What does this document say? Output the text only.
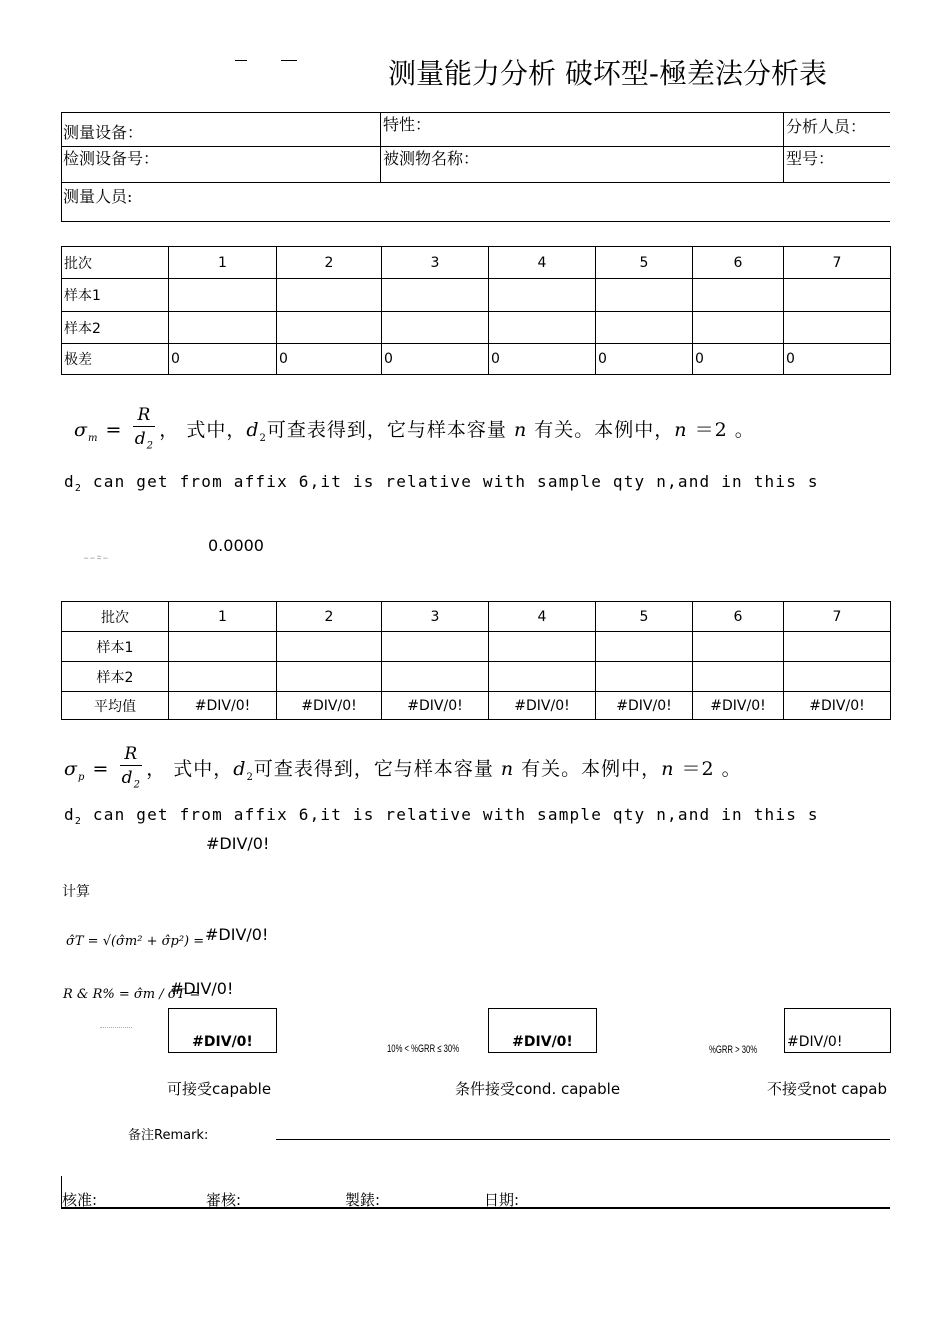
测量能力分析 破坏型-極差法分析表
测量设备：	特性：	分析人员：
检测设备号：	被测物名称：	型号：
测量人员:
批次	1	2	3	4	5	6	7
样本1							
样本2							
极差	0	0	0	0	0	0	0
$\sigma_m = \frac{R}{d_2}$ ， 式中，$d_2$可查表得到，它与样本容量 n 有关。本例中，n ＝2 。
$d_2$ can get from affix 6,it is relative with sample qty n,and in this s
– – ≈ –
0.0000
批次	1	2	3	4	5	6	7
样本1							
样本2							
平均值	#DIV/0!	#DIV/0!	#DIV/0!	#DIV/0!	#DIV/0!	#DIV/0!	#DIV/0!
$\sigma_p = \frac{R}{d_2}$ ， 式中，$d_2$可查表得到，它与样本容量 n 有关。本例中，n ＝2 。
$d_2$ can get from affix 6,it is relative with sample qty n,and in this s
#DIV/0!
计算
σ̂T = √(σ̂m² + σ̂p²) = #DIV/0!
R & R% = σ̂m / σ̂T =
#DIV/0!
#DIV/0!	10% < %GRR ≤ 30%	#DIV/0!	%GRR > 30% #DIV/0!
可接受capable	条件接受cond. capable	不接受not capab
备注Remark:
核准:	審核:	製錶:	日期:
